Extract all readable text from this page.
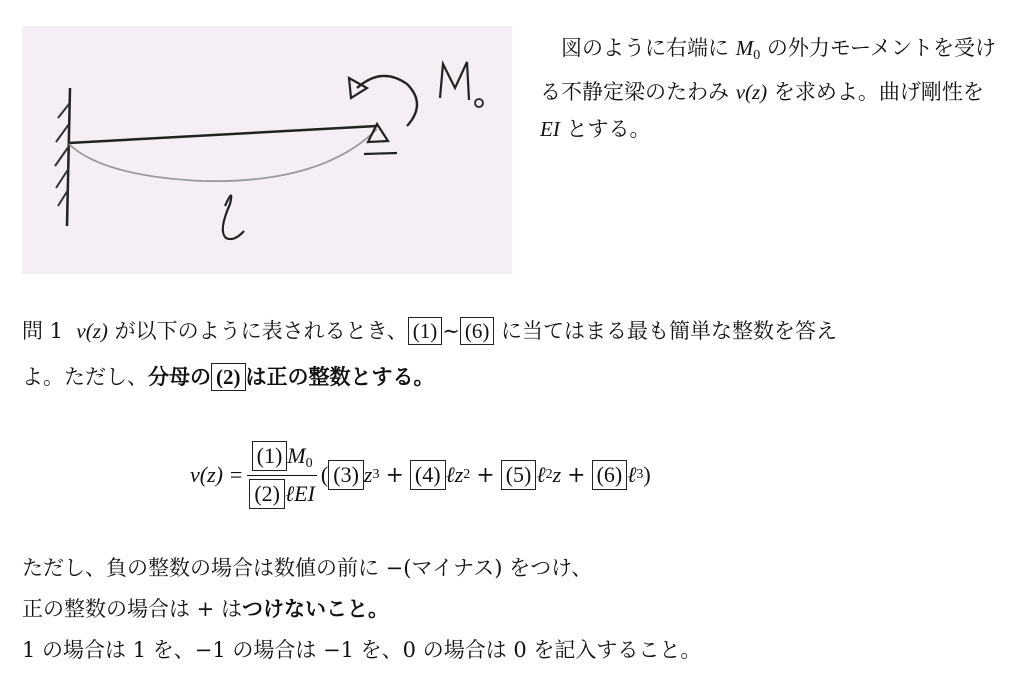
図のように右端に $M_0$ の外力モーメントを受ける不静定梁のたわみ v(z) を求めよ。曲げ剛性を EI とする。
問 1 v(z) が以下のように表されるとき、 (1) ∼ (6) に当てはまる最も簡単な整数を答え
よ。ただし、分母の (2) は正の整数とする。
$v(z) = \frac{(1) M_0}{\text{(2) ℓEI}}$ ( (3) z 3 + (4) ℓz 2 + (5) ℓ 2 z + (6) ℓ 3 )
ただし、負の整数の場合は数値の前に −(マイナス) をつけ、
正の整数の場合は + はつけないこと。
1 の場合は 1 を、−1 の場合は −1 を、0 の場合は 0 を記入すること。
